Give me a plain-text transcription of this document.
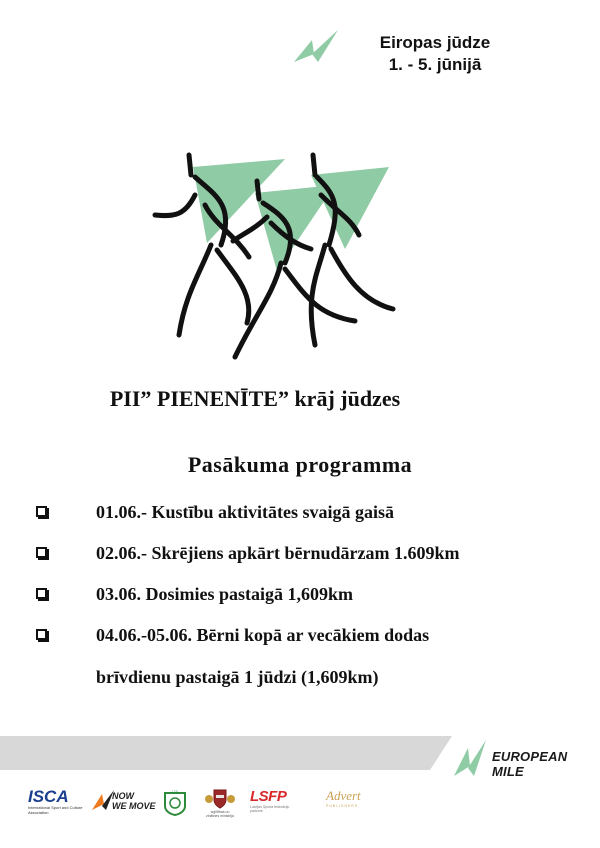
Eiropas jūdze
1. - 5. jūnijā
PII” PIENENĪTE” krāj jūdzes
Pasākuma programma
01.06.- Kustību aktivitātes svaigā gaisā
02.06.- Skrējiens apkārt bērnudārzam 1.609km
03.06. Dosimies pastaigā 1,609km
04.06.-05.06. Bērni kopā ar vecākiem dodas
brīvdienu pastaigā 1 jūdzi (1,609km)
EUROPEAN MILE
ISCA
International Sport and Culture Association
NOW
WE MOVE
LZS
Izglītības un zinātnes ministrija
LSFP
Latvijas Sporta federāciju padome
Advert
PUBLISHERS
